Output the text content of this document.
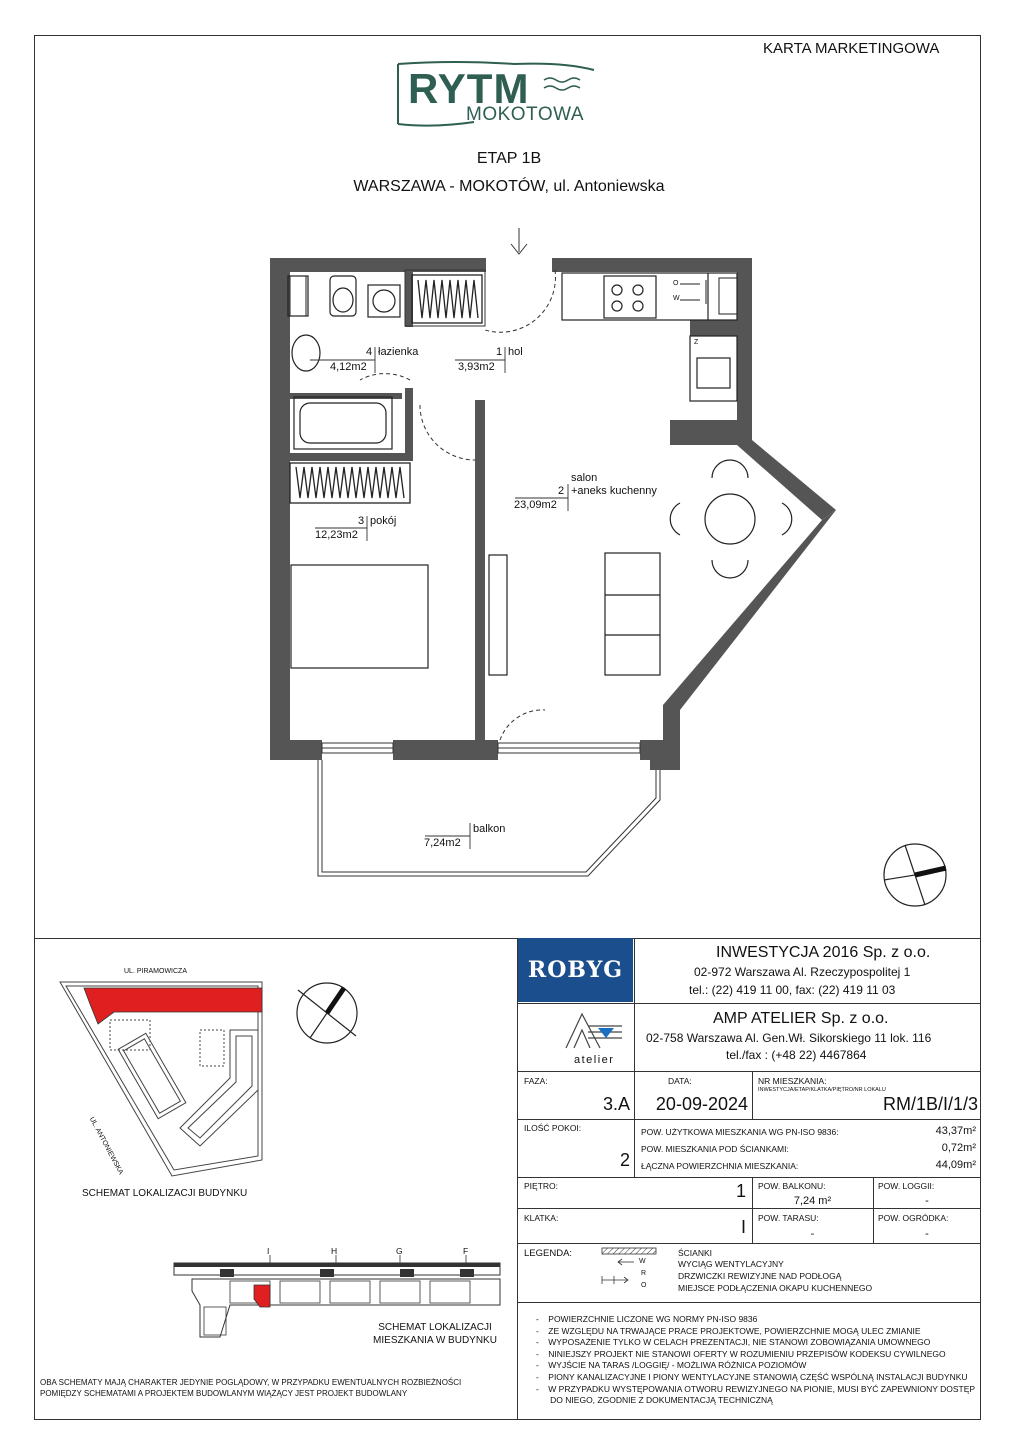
KARTA MARKETINGOWA
RYTM
MOKOTOWA
ETAP 1B
WARSZAWA - MOKOTÓW, ul. Antoniewska
4 łazienka
4,12m2
1 hol
3,93m2
salon
2 +aneks kuchenny
23,09m2
3 pokój
12,23m2
balkon
7,24m2
O
W
Z
ROBYG
INWESTYCJA 2016 Sp. z o.o.
02-972 Warszawa Al. Rzeczypospolitej 1
tel.: (22) 419 11 00, fax: (22) 419 11 03
atelier
AMP ATELIER Sp. z o.o.
02-758 Warszawa Al. Gen.Wł. Sikorskiego 11 lok. 116
tel./fax : (+48 22) 4467864
FAZA:
3.A
DATA:
20-09-2024
NR MIESZKANIA:
INWESTYCJA/ETAP/KLATKA/PIĘTRO/NR LOKALU
RM/1B/I/1/3
ILOŚĆ POKOI:
2
POW. UŻYTKOWA MIESZKANIA WG PN-ISO 9836:	43,37m²
POW. MIESZKANIA POD ŚCIANKAMI:	0,72m²
ŁĄCZNA POWIERZCHNIA MIESZKANIA:	44,09m²
PIĘTRO:	1 POW. BALKONU:
7,24 m²
POW. LOGGII:
-
KLATKA:	I POW. TARASU:
-
POW. OGRÓDKA:
-
LEGENDA:
W
R
O
ŚCIANKI
WYCIĄG WENTYLACYJNY
DRZWICZKI REWIZYJNE NAD PODŁOGĄ
MIEJSCE PODŁĄCZENIA OKAPU KUCHENNEGO
-    POWIERZCHNIE LICZONE WG NORMY PN-ISO 9836
-    ZE WZGLĘDU NA TRWAJĄCE PRACE PROJEKTOWE, POWIERZCHNIE MOGĄ ULEC ZMIANIE
-    WYPOSAŻENIE TYLKO W CELACH PREZENTACJI, NIE STANOWI ZOBOWIĄZANIA UMOWNEGO
-    NINIEJSZY PROJEKT NIE STANOWI OFERTY W ROZUMIENIU PRZEPISÓW KODEKSU CYWILNEGO
-    WYJŚCIE NA TARAS /LOGGIĘ/ - MOŻLIWA RÓŻNICA POZIOMÓW
-    PIONY KANALIZACYJNE I PIONY WENTYLACYJNE STANOWIĄ CZĘŚĆ WSPÓLNĄ INSTALACJI BUDYNKU
-    W PRZYPADKU WYSTĘPOWANIA OTWORU REWIZYJNEGO NA PIONIE, MUSI BYĆ ZAPEWNIONY DOSTĘP
DO NIEGO, ZGODNIE Z DOKUMENTACJĄ TECHNICZNĄ
UL. PIRAMOWICZA
UL. ANTONIEWSKA
SCHEMAT LOKALIZACJI BUDYNKU
I	H	G	F
SCHEMAT LOKALIZACJI
MIESZKANIA W BUDYNKU
OBA SCHEMATY MAJĄ CHARAKTER JEDYNIE POGLĄDOWY, W PRZYPADKU EWENTUALNYCH ROZBIEŻNOŚCI
POMIĘDZY SCHEMATAMI A PROJEKTEM BUDOWLANYM WIĄŻĄCY JEST PROJEKT BUDOWLANY
